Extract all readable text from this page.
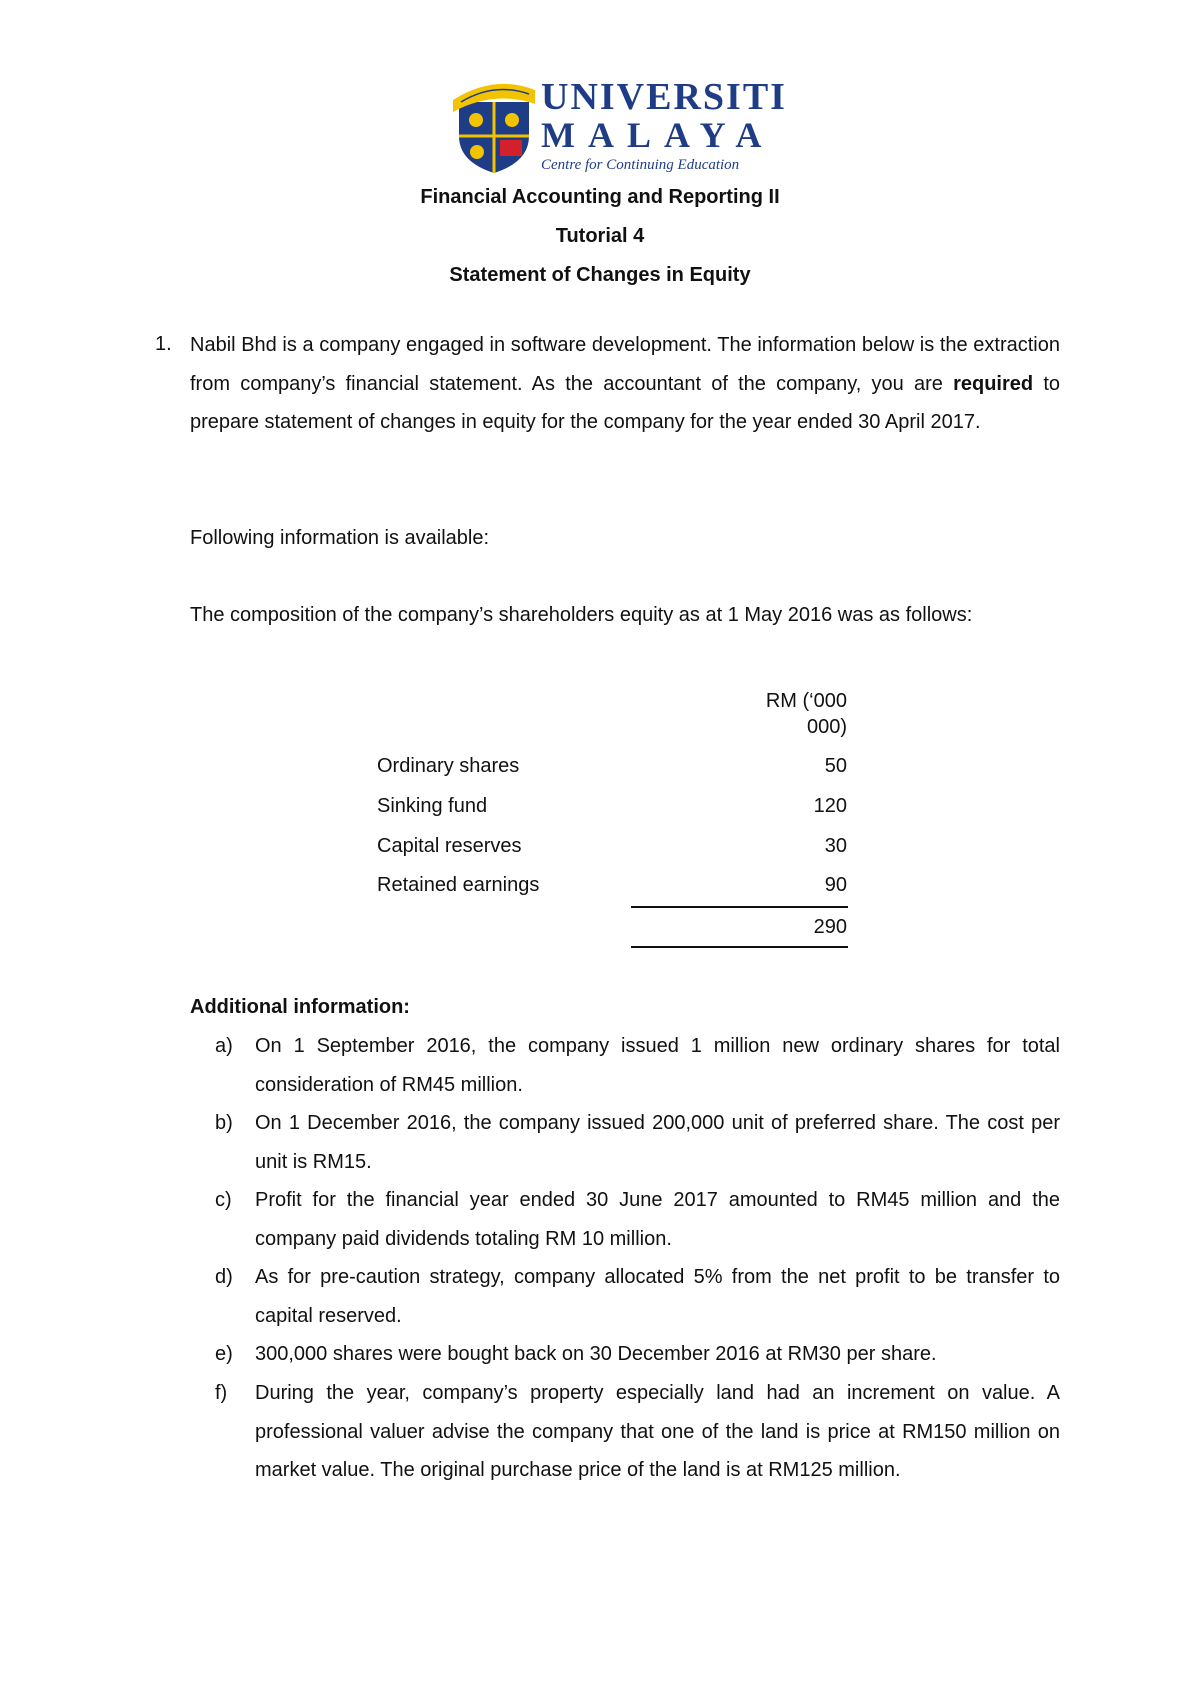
UNIVERSITI
MALAYA
Centre for Continuing Education
Financial Accounting and Reporting II
Tutorial 4
Statement of Changes in Equity
1. Nabil Bhd is a company engaged in software development. The information below is the extraction from company’s financial statement. As the accountant of the company, you are required to prepare statement of changes in equity for the company for the year ended 30 April 2017.
Following information is available:
The composition of the company’s shareholders equity as at 1 May 2016 was as follows:
RM (‘000
000)
Ordinary shares	50
Sinking fund	120
Capital reserves	30
Retained earnings	90
290
Additional information:
a) On 1 September 2016, the company issued 1 million new ordinary shares for total consideration of RM45 million.
b) On 1 December 2016, the company issued 200,000 unit of preferred share. The cost per unit is RM15.
c) Profit for the financial year ended 30 June 2017 amounted to RM45 million and the company paid dividends totaling RM 10 million.
d) As for pre-caution strategy, company allocated 5% from the net profit to be transfer to capital reserved.
e) 300,000 shares were bought back on 30 December 2016 at RM30 per share.
f) During the year, company’s property especially land had an increment on value. A professional valuer advise the company that one of the land is price at RM150 million on market value. The original purchase price of the land is at RM125 million.
